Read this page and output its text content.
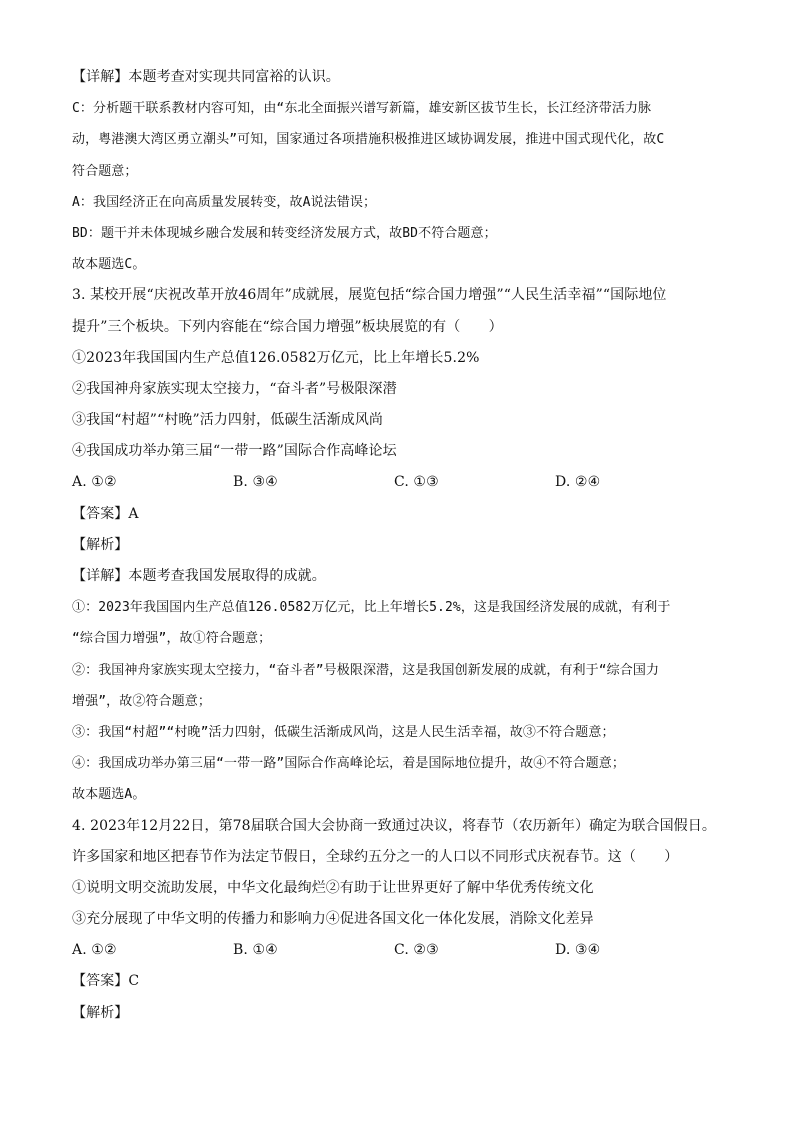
【详解】本题考查对实现共同富裕的认识。
C：分析题干联系教材内容可知，由“东北全面振兴谱写新篇，雄安新区拔节生长，长江经济带活力脉
动，粤港澳大湾区勇立潮头”可知，国家通过各项措施积极推进区域协调发展，推进中国式现代化，故C
符合题意；
A：我国经济正在向高质量发展转变，故A说法错误；
BD：题干并未体现城乡融合发展和转变经济发展方式，故BD不符合题意；
故本题选C。
3. 某校开展“庆祝改革开放46周年”成就展，展览包括“综合国力增强”“人民生活幸福”“国际地位
提升”三个板块。下列内容能在“综合国力增强”板块展览的有（　　）
①2023年我国国内生产总值126.0582万亿元，比上年增长5.2%
②我国神舟家族实现太空接力，“奋斗者”号极限深潜
③我国“村超”“村晚”活力四射，低碳生活渐成风尚
④我国成功举办第三届“一带一路”国际合作高峰论坛
A. ①②	B. ③④	C. ①③	D. ②④
【答案】A
【解析】
【详解】本题考查我国发展取得的成就。
①：2023年我国国内生产总值126.0582万亿元，比上年增长5.2%，这是我国经济发展的成就，有利于
“综合国力增强”，故①符合题意；
②：我国神舟家族实现太空接力，“奋斗者”号极限深潜，这是我国创新发展的成就，有利于“综合国力
增强”，故②符合题意；
③：我国“村超”“村晚”活力四射，低碳生活渐成风尚，这是人民生活幸福，故③不符合题意；
④：我国成功举办第三届“一带一路”国际合作高峰论坛，着是国际地位提升，故④不符合题意；
故本题选A。
4. 2023年12月22日，第78届联合国大会协商一致通过决议，将春节（农历新年）确定为联合国假日。
许多国家和地区把春节作为法定节假日，全球约五分之一的人口以不同形式庆祝春节。这（　　）
①说明文明交流助发展，中华文化最绚烂②有助于让世界更好了解中华优秀传统文化
③充分展现了中华文明的传播力和影响力④促进各国文化一体化发展，消除文化差异
A. ①②	B. ①④	C. ②③	D. ③④
【答案】C
【解析】
